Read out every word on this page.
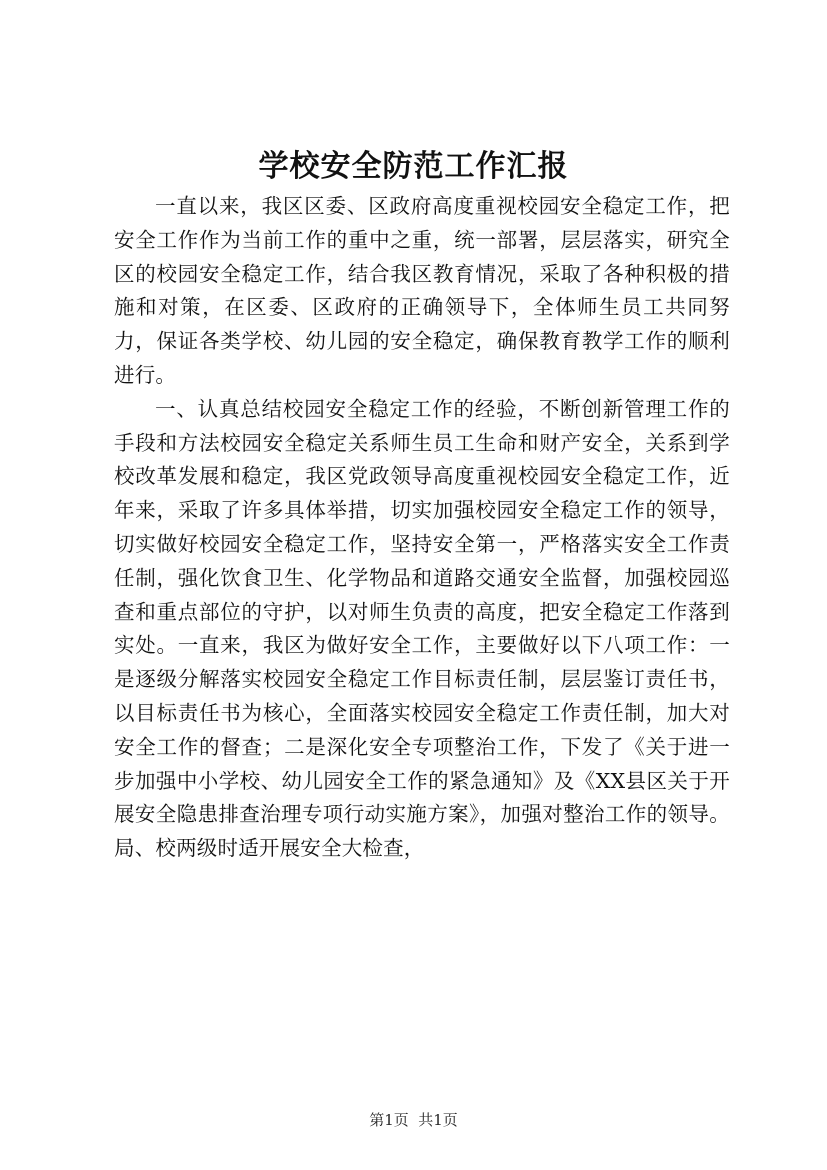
学校安全防范工作汇报

一直以来，我区区委、区政府高度重视校园安全稳定工作，把安全工作作为当前工作的重中之重，统一部署，层层落实，研究全区的校园安全稳定工作，结合我区教育情况，采取了各种积极的措施和对策，在区委、区政府的正确领导下，全体师生员工共同努力，保证各类学校、幼儿园的安全稳定，确保教育教学工作的顺利进行。

一、认真总结校园安全稳定工作的经验，不断创新管理工作的手段和方法校园安全稳定关系师生员工生命和财产安全，关系到学校改革发展和稳定，我区党政领导高度重视校园安全稳定工作，近年来，采取了许多具体举措，切实加强校园安全稳定工作的领导，切实做好校园安全稳定工作，坚持安全第一，严格落实安全工作责任制，强化饮食卫生、化学物品和道路交通安全监督，加强校园巡查和重点部位的守护，以对师生负责的高度，把安全稳定工作落到实处。一直来，我区为做好安全工作，主要做好以下八项工作：一是逐级分解落实校园安全稳定工作目标责任制，层层鉴订责任书，以目标责任书为核心，全面落实校园安全稳定工作责任制，加大对安全工作的督查；二是深化安全专项整治工作，下发了《关于进一步加强中小学校、幼儿园安全工作的紧急通知》及《XX县区关于开展安全隐患排查治理专项行动实施方案》，加强对整治工作的领导。局、校两级时适开展安全大检查，

第1页  共1页
